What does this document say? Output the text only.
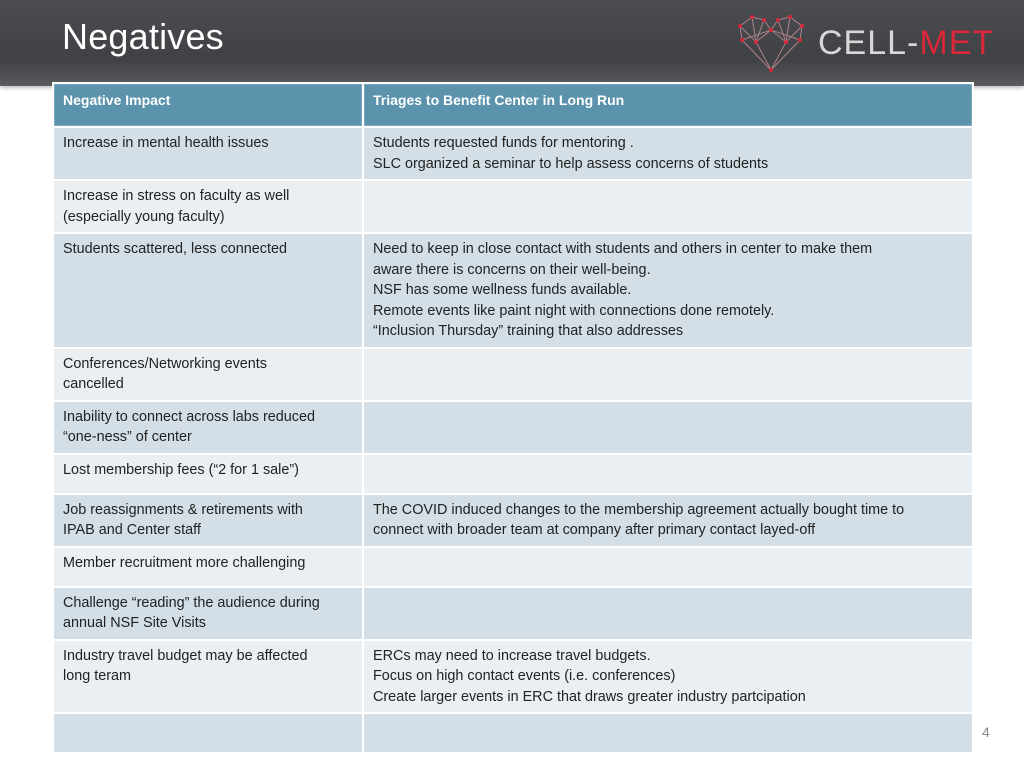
Negatives	CELL-MET
Negative Impact	Triages to Benefit Center in Long Run

Increase in mental health issues	Students requested funds for mentoring .
SLC organized a seminar to help assess concerns of students

Increase in stress on faculty as well
(especially young faculty)	

Students scattered, less connected	Need to keep in close contact with students and others in center to make them
aware there is concerns on their well-being.
NSF has some wellness funds available.
Remote events like paint night with connections done remotely.
“Inclusion Thursday” training that also addresses

Conferences/Networking events
cancelled	

Inability to connect across labs reduced
“one-ness” of center	

Lost membership fees (“2 for 1 sale”)	

Job reassignments & retirements with
IPAB and Center staff	The COVID induced changes to the membership agreement actually bought time to
connect with broader team at company after primary contact layed-off

Member recruitment more challenging	

Challenge “reading” the audience during
annual NSF Site Visits	

Industry travel budget may be affected
long teram	ERCs may need to increase travel budgets.
Focus on high contact events (i.e. conferences)
Create larger events in ERC that draws greater industry partcipation

4
